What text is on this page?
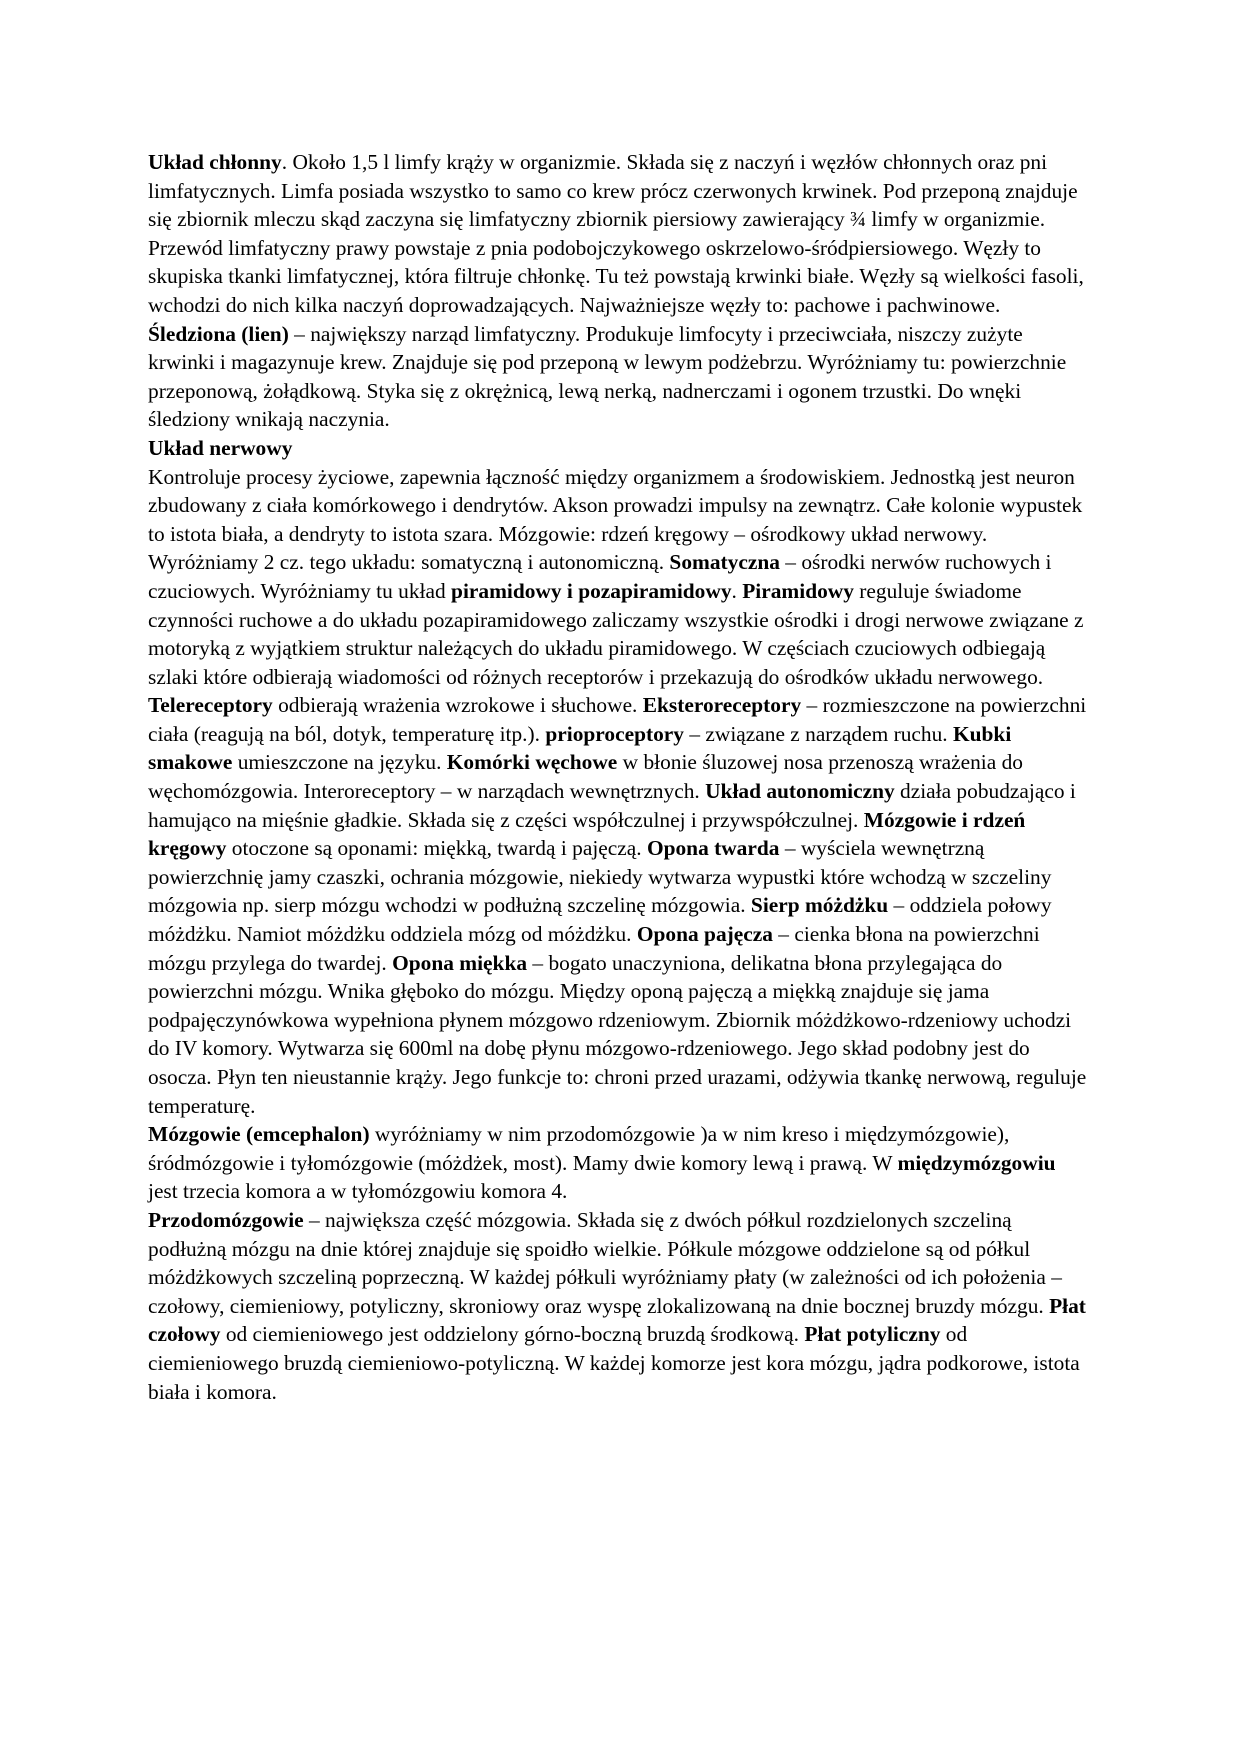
Układ chłonny. Około 1,5 l limfy krąży w organizmie. Składa się z naczyń i węzłów chłonnych oraz pni limfatycznych. Limfa posiada wszystko to samo co krew prócz czerwonych krwinek. Pod przeponą znajduje się zbiornik mleczu skąd zaczyna się limfatyczny zbiornik piersiowy zawierający ¾ limfy w organizmie. Przewód limfatyczny prawy powstaje z pnia podobojczykowego oskrzelowo-śródpiersiowego. Węzły to skupiska tkanki limfatycznej, która filtruje chłonkę. Tu też powstają krwinki białe. Węzły są wielkości fasoli, wchodzi do nich kilka naczyń doprowadzających. Najważniejsze węzły to: pachowe i pachwinowe.

Śledziona (lien) – największy narząd limfatyczny. Produkuje limfocyty i przeciwciała, niszczy zużyte krwinki i magazynuje krew. Znajduje się pod przeponą w lewym podżebrzu. Wyróżniamy tu: powierzchnie przeponową, żołądkową. Styka się z okrężnicą, lewą nerką, nadnerczami i ogonem trzustki. Do wnęki śledziony wnikają naczynia.

Układ nerwowy

Kontroluje procesy życiowe, zapewnia łączność między organizmem a środowiskiem. Jednostką jest neuron zbudowany z ciała komórkowego i dendrytów. Akson prowadzi impulsy na zewnątrz. Całe kolonie wypustek to istota biała, a dendryty to istota szara. Mózgowie: rdzeń kręgowy – ośrodkowy układ nerwowy. Wyróżniamy 2 cz. tego układu: somatyczną i autonomiczną. Somatyczna – ośrodki nerwów ruchowych i czuciowych. Wyróżniamy tu układ piramidowy i pozapiramidowy. Piramidowy reguluje świadome czynności ruchowe a do układu pozapiramidowego zaliczamy wszystkie ośrodki i drogi nerwowe związane z motoryką z wyjątkiem struktur należących do układu piramidowego. W częściach czuciowych odbiegają szlaki które odbierają wiadomości od różnych receptorów i przekazują do ośrodków układu nerwowego. Telereceptory odbierają wrażenia wzrokowe i słuchowe. Eksteroreceptory – rozmieszczone na powierzchni ciała (reagują na ból, dotyk, temperaturę itp.). prioproceptory – związane z narządem ruchu. Kubki smakowe umieszczone na języku. Komórki węchowe w błonie śluzowej nosa przenoszą wrażenia do węchomózgowia. Interoreceptory – w narządach wewnętrznych. Układ autonomiczny działa pobudzająco i hamująco na mięśnie gładkie. Składa się z części współczulnej i przywspółczulnej. Mózgowie i rdzeń kręgowy otoczone są oponami: miękką, twardą i pajęczą. Opona twarda – wyściela wewnętrzną powierzchnię jamy czaszki, ochrania mózgowie, niekiedy wytwarza wypustki które wchodzą w szczeliny mózgowia np. sierp mózgu wchodzi w podłużną szczelinę mózgowia. Sierp móżdżku – oddziela połowy móżdżku. Namiot móżdżku oddziela mózg od móżdżku. Opona pajęcza – cienka błona na powierzchni mózgu przylega do twardej. Opona miękka – bogato unaczyniona, delikatna błona przylegająca do powierzchni mózgu. Wnika głęboko do mózgu. Między oponą pajęczą a miękką znajduje się jama podpajęczynówkowa wypełniona płynem mózgowo rdzeniowym. Zbiornik móżdżkowo-rdzeniowy uchodzi do IV komory. Wytwarza się 600ml na dobę płynu mózgowo-rdzeniowego. Jego skład podobny jest do osocza. Płyn ten nieustannie krąży. Jego funkcje to: chroni przed urazami, odżywia tkankę nerwową, reguluje temperaturę.

Mózgowie (emcephalon) wyróżniamy w nim przodomózgowie )a w nim kreso i międzymózgowie), śródmózgowie i tyłomózgowie (móżdżek, most). Mamy dwie komory lewą i prawą. W międzymózgowiu jest trzecia komora a w tyłomózgowiu komora 4.

Przodomózgowie – największa część mózgowia. Składa się z dwóch półkul rozdzielonych szczeliną podłużną mózgu na dnie której znajduje się spoidło wielkie. Półkule mózgowe oddzielone są od półkul móżdżkowych szczeliną poprzeczną. W każdej półkuli wyróżniamy płaty (w zależności od ich położenia – czołowy, ciemieniowy, potyliczny, skroniowy oraz wyspę zlokalizowaną na dnie bocznej bruzdy mózgu. Płat czołowy od ciemieniowego jest oddzielony górno-boczną bruzdą środkową. Płat potyliczny od ciemieniowego bruzdą ciemieniowo-potyliczną. W każdej komorze jest kora mózgu, jądra podkorowe, istota biała i komora.
